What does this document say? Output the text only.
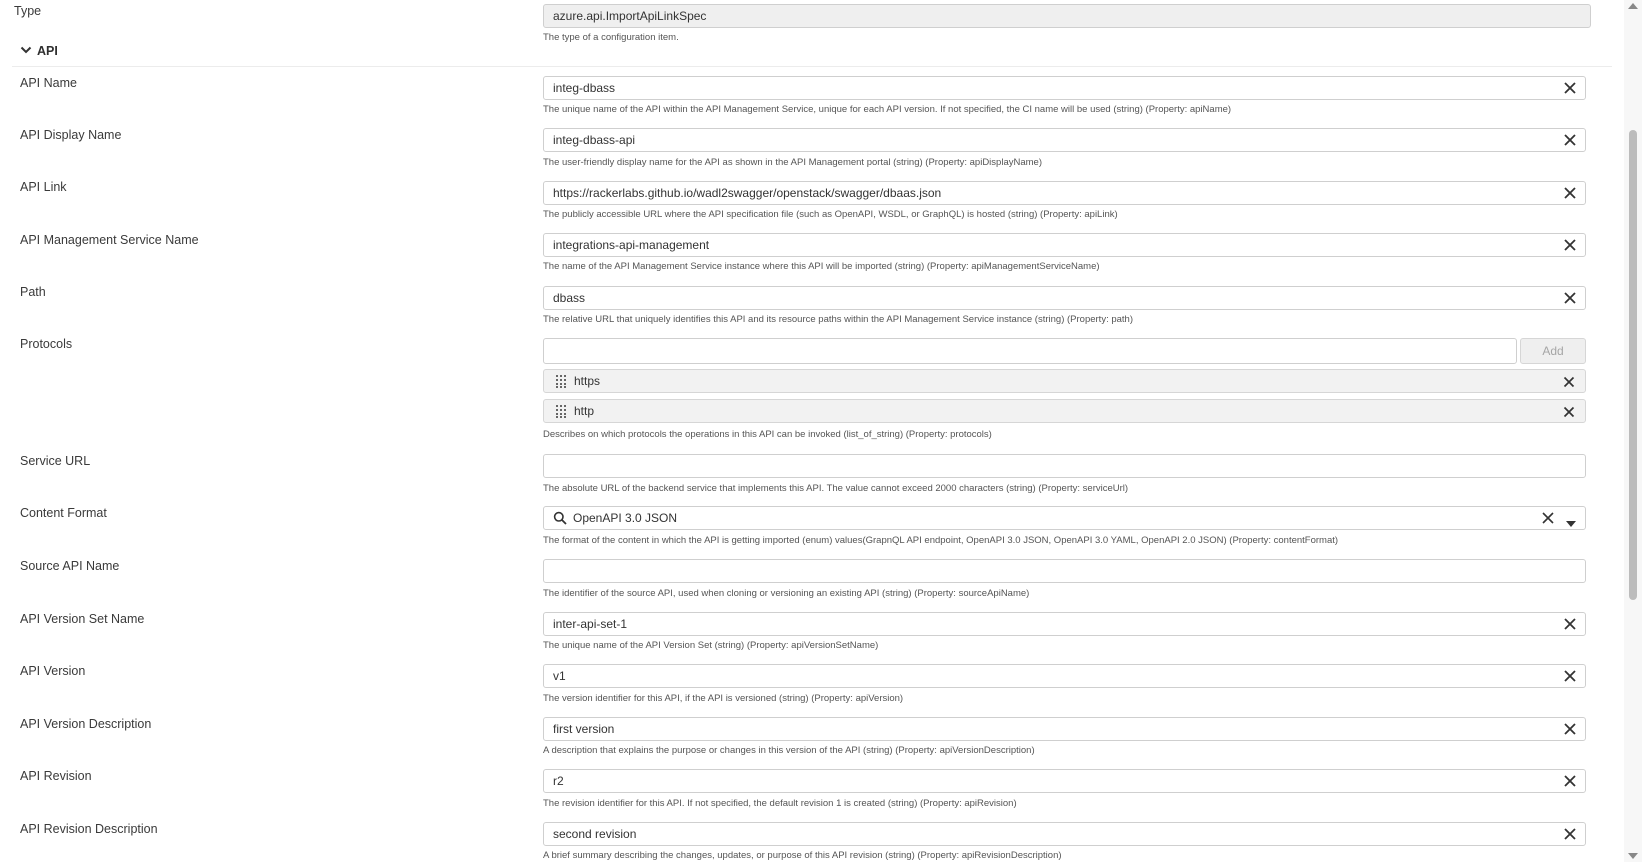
Type	azure.api.ImportApiLinkSpec
The type of a configuration item.
API
API Name	integ-dbass
The unique name of the API within the API Management Service, unique for each API version. If not specified, the CI name will be used (string) (Property: apiName)
API Display Name	integ-dbass-api
The user-friendly display name for the API as shown in the API Management portal (string) (Property: apiDisplayName)
API Link	https://rackerlabs.github.io/wadl2swagger/openstack/swagger/dbaas.json
The publicly accessible URL where the API specification file (such as OpenAPI, WSDL, or GraphQL) is hosted (string) (Property: apiLink)
API Management Service Name	integrations-api-management
The name of the API Management Service instance where this API will be imported (string) (Property: apiManagementServiceName)
Path	dbass
The relative URL that uniquely identifies this API and its resource paths within the API Management Service instance (string) (Property: path)
Protocols	Add
https
http
Describes on which protocols the operations in this API can be invoked (list_of_string) (Property: protocols)
Service URL
The absolute URL of the backend service that implements this API. The value cannot exceed 2000 characters (string) (Property: serviceUrl)
Content Format	OpenAPI 3.0 JSON
The format of the content in which the API is getting imported (enum) values(GrapnQL API endpoint, OpenAPI 3.0 JSON, OpenAPI 3.0 YAML, OpenAPI 2.0 JSON) (Property: contentFormat)
Source API Name
The identifier of the source API, used when cloning or versioning an existing API (string) (Property: sourceApiName)
API Version Set Name	inter-api-set-1
The unique name of the API Version Set (string) (Property: apiVersionSetName)
API Version	v1
The version identifier for this API, if the API is versioned (string) (Property: apiVersion)
API Version Description	first version
A description that explains the purpose or changes in this version of the API (string) (Property: apiVersionDescription)
API Revision	r2
The revision identifier for this API. If not specified, the default revision 1 is created (string) (Property: apiRevision)
API Revision Description	second revision
A brief summary describing the changes, updates, or purpose of this API revision (string) (Property: apiRevisionDescription)
